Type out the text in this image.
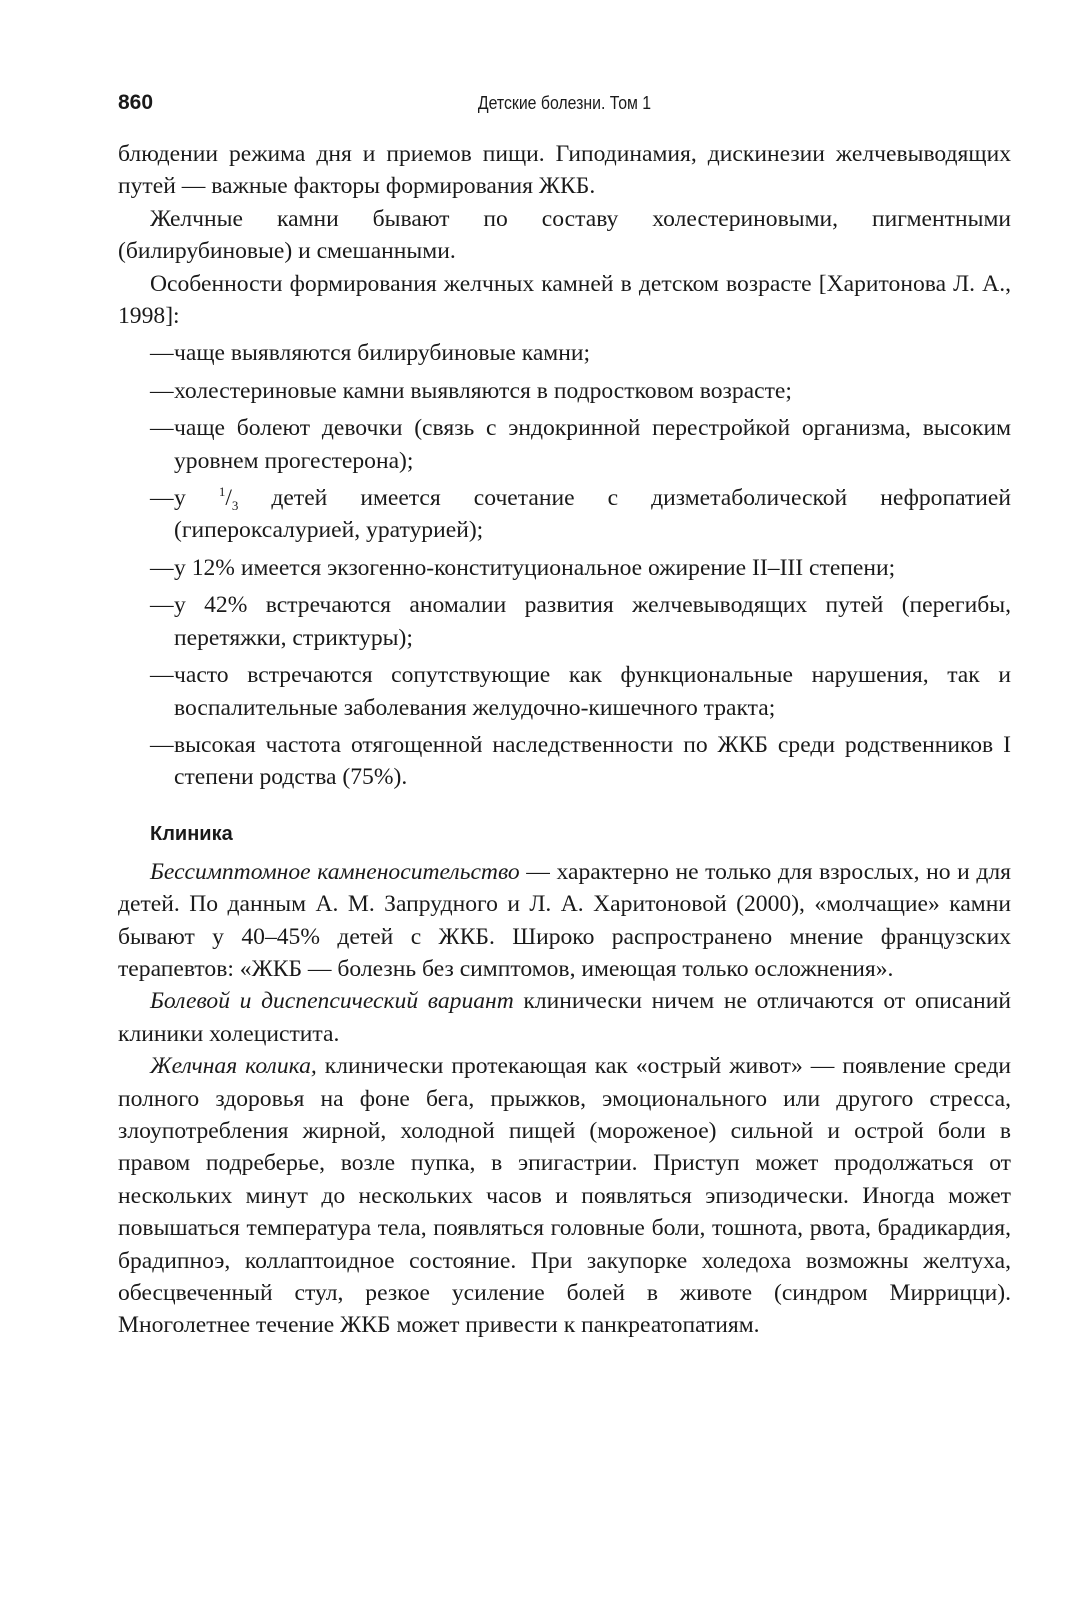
860	Детские болезни. Том 1

блюдении режима дня и приемов пищи. Гиподинамия, дискинезии желчевыводящих путей — важные факторы формирования ЖКБ.

Желчные камни бывают по составу холестериновыми, пигментными (билирубиновые) и смешанными.

Особенности формирования желчных камней в детском возрасте [Харитонова Л. А., 1998]:

— чаще выявляются билирубиновые камни;
— холестериновые камни выявляются в подростковом возрасте;
— чаще болеют девочки (связь с эндокринной перестройкой организма, высоким уровнем прогестерона);
— у	$^1/_3$ детей имеется сочетание с дизметаболической нефропатией (гипероксалурией, уратурией);
— у 12% имеется экзогенно-конституциональное ожирение II–III степени;
— у 42% встречаются аномалии развития желчевыводящих путей (перегибы, перетяжки, стриктуры);
— часто встречаются сопутствующие как функциональные нарушения, так и воспалительные заболевания желудочно-кишечного тракта;
— высокая частота отягощенной наследственности по ЖКБ среди родственников I степени родства (75%).
Клиника

Бессимптомное камненосительство — характерно не только для взрослых, но и для детей. По данным А. М. Запрудного и Л. А. Харитоновой (2000), «молчащие» камни бывают у 40–45% детей с ЖКБ. Широко распространено мнение французских терапевтов: «ЖКБ — болезнь без симптомов, имеющая только осложнения».

Болевой и диспепсический вариант клинически ничем не отличаются от описаний клиники холецистита.

Желчная колика, клинически протекающая как «острый живот» — появление среди полного здоровья на фоне бега, прыжков, эмоционального или другого стресса, злоупотребления жирной, холодной пищей (мороженое) сильной и острой боли в правом подреберье, возле пупка, в эпигастрии. Приступ может продолжаться от нескольких минут до нескольких часов и появляться эпизодически. Иногда может повышаться температура тела, появляться головные боли, тошнота, рвота, брадикардия, брадипноэ, коллаптоидное состояние. При закупорке холедоха возможны желтуха, обесцвеченный стул, резкое усиление болей в животе (синдром Миррицци). Многолетнее течение ЖКБ может привести к панкреатопатиям.
